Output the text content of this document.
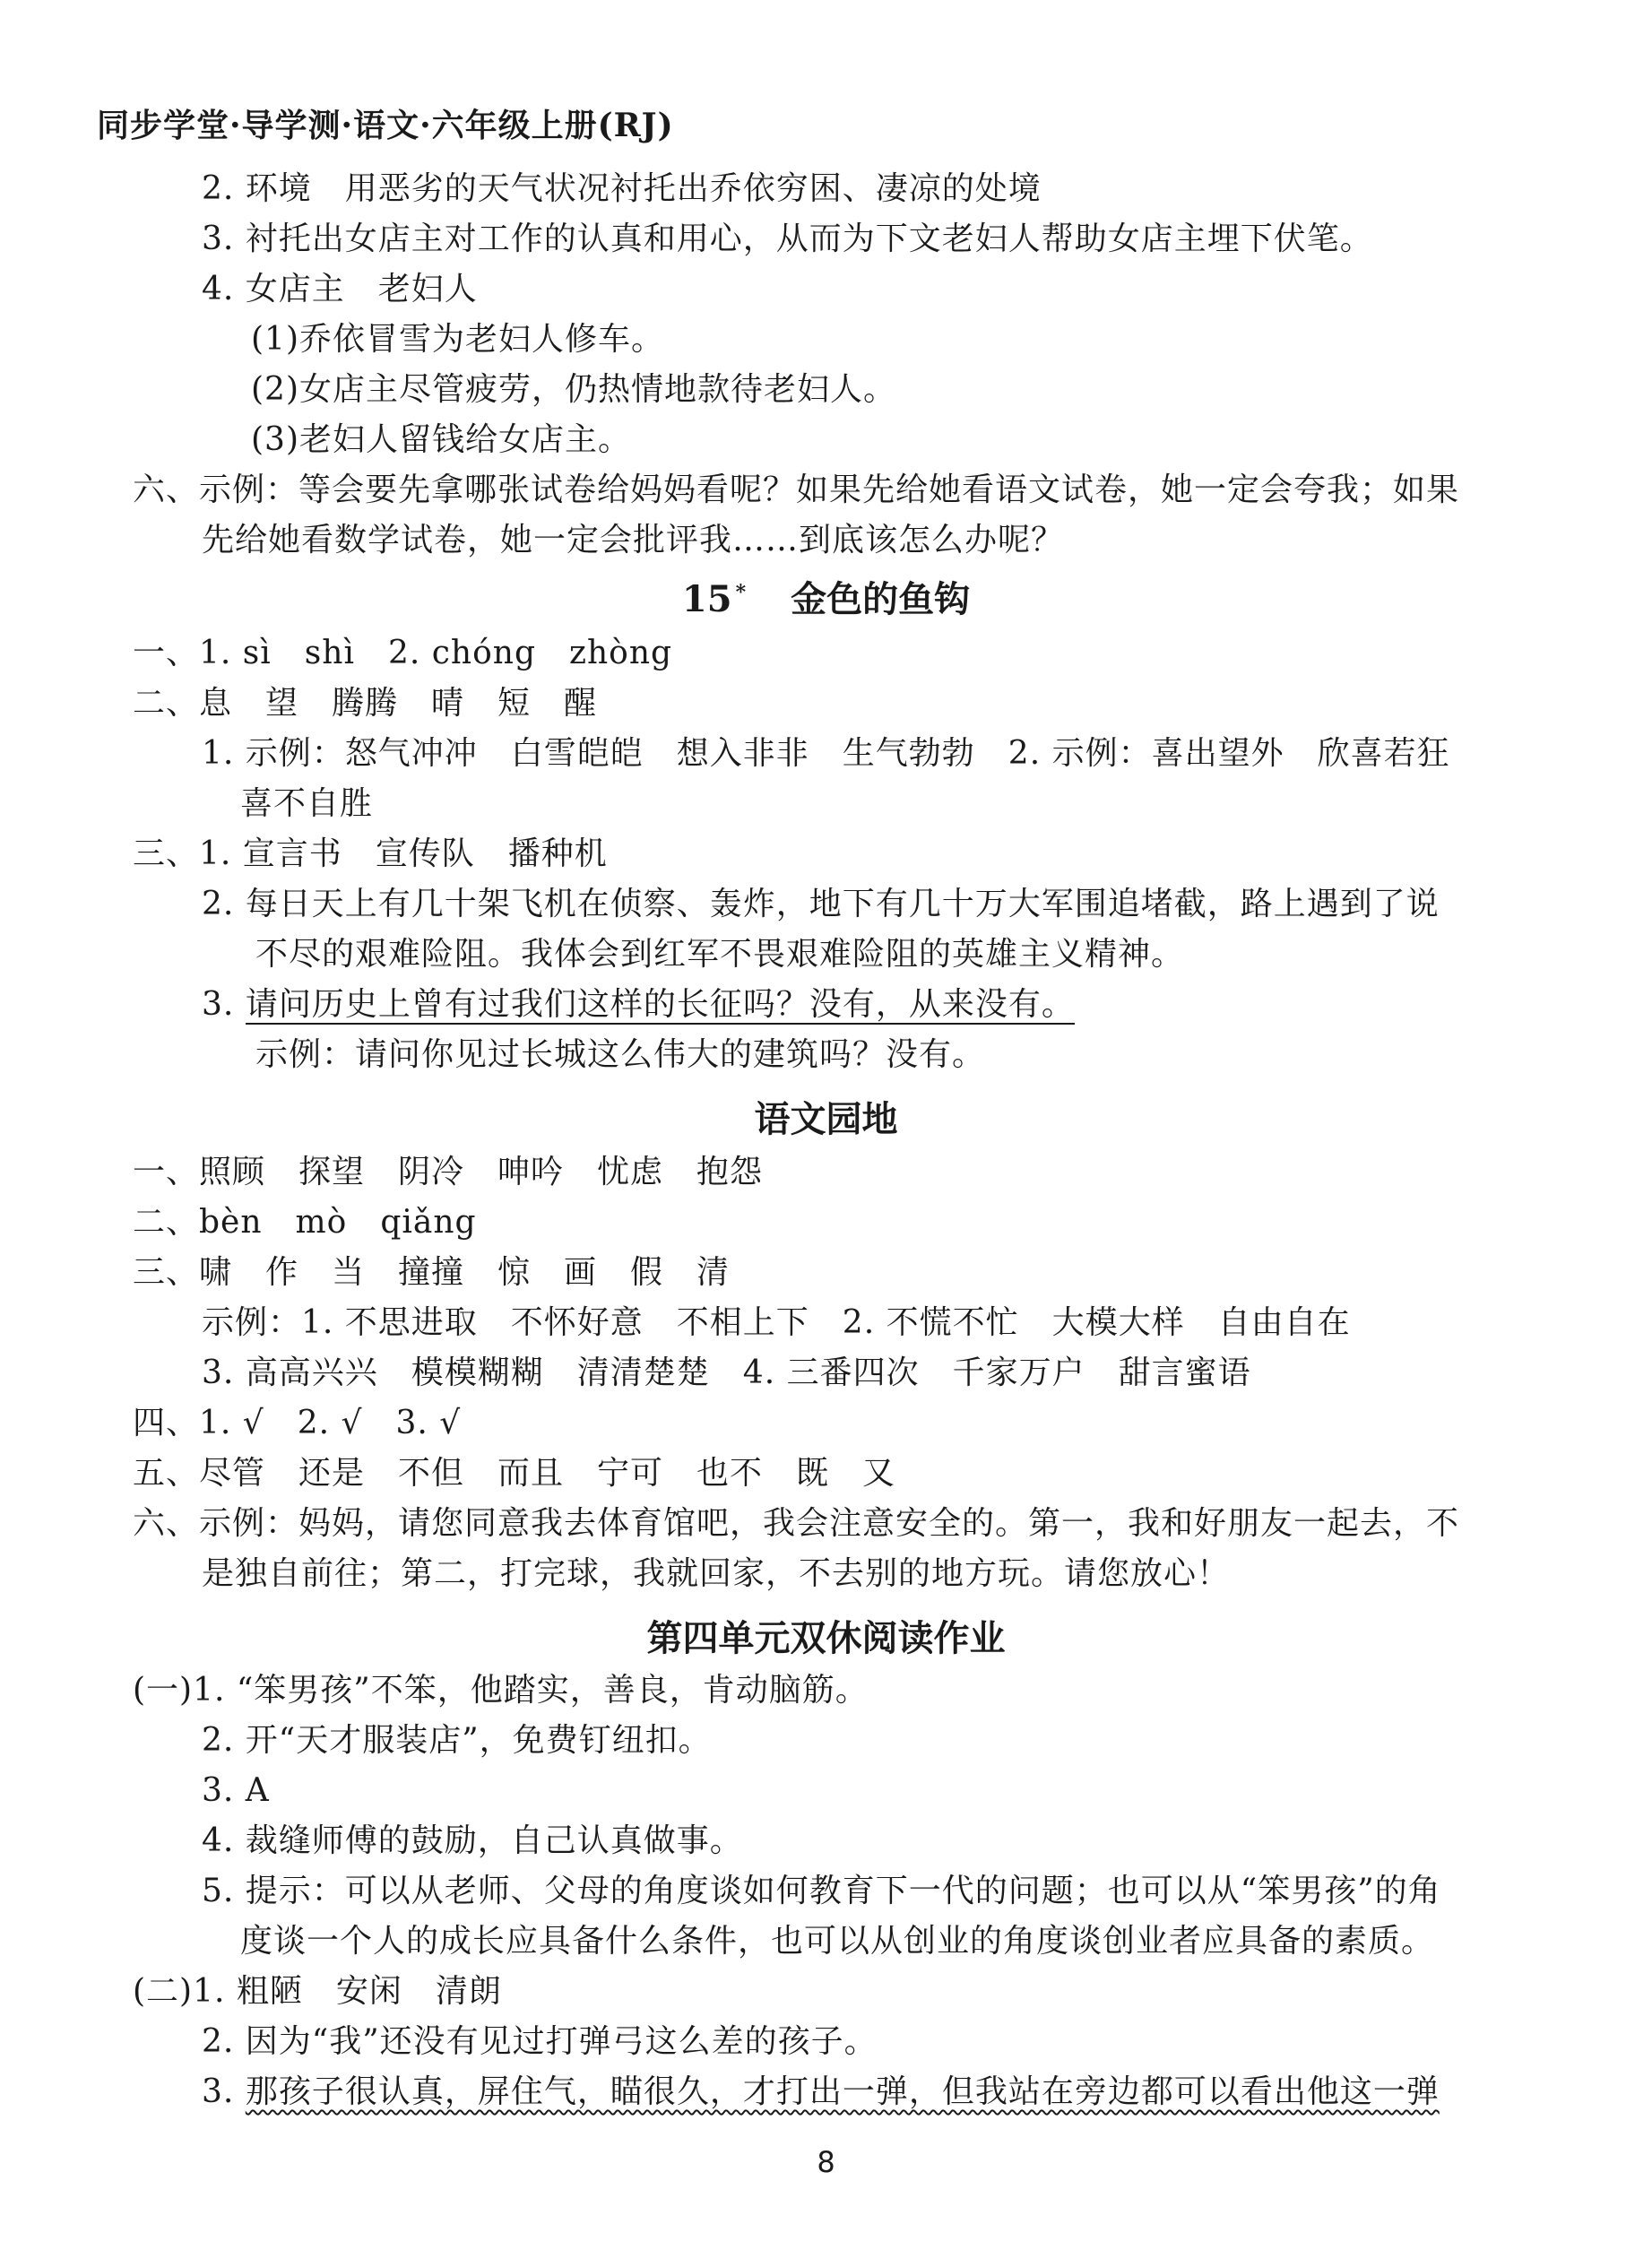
同步学堂·导学测·语文·六年级上册(RJ)
2. 环境　用恶劣的天气状况衬托出乔依穷困、凄凉的处境
3. 衬托出女店主对工作的认真和用心，从而为下文老妇人帮助女店主埋下伏笔。
4. 女店主　老妇人
(1)乔依冒雪为老妇人修车。
(2)女店主尽管疲劳，仍热情地款待老妇人。
(3)老妇人留钱给女店主。
六、示例：等会要先拿哪张试卷给妈妈看呢？如果先给她看语文试卷，她一定会夸我；如果
先给她看数学试卷，她一定会批评我……到底该怎么办呢？
15 * 金色的鱼钩
一、1. sì　shì　2. chóng　zhòng
二、息　望　腾腾　晴　短　醒
1. 示例：怒气冲冲　白雪皑皑　想入非非　生气勃勃　2. 示例：喜出望外　欣喜若狂
喜不自胜
三、1. 宣言书　宣传队　播种机
2. 每日天上有几十架飞机在侦察、轰炸，地下有几十万大军围追堵截，路上遇到了说
不尽的艰难险阻。我体会到红军不畏艰难险阻的英雄主义精神。
3. 请问历史上曾有过我们这样的长征吗？没有，从来没有。
示例：请问你见过长城这么伟大的建筑吗？没有。
语文园地
一、照顾　探望　阴冷　呻吟　忧虑　抱怨
二、bèn　mò　qiǎng
三、啸　作　当　撞撞　惊　画　假　清
示例：1. 不思进取　不怀好意　不相上下　2. 不慌不忙　大模大样　自由自在
3. 高高兴兴　模模糊糊　清清楚楚　4. 三番四次　千家万户　甜言蜜语
四、1. √　2. √　3. √
五、尽管　还是　不但　而且　宁可　也不　既　又
六、示例：妈妈，请您同意我去体育馆吧，我会注意安全的。第一，我和好朋友一起去，不
是独自前往；第二，打完球，我就回家，不去别的地方玩。请您放心！
第四单元双休阅读作业
(一)1. “笨男孩”不笨，他踏实，善良，肯动脑筋。
2. 开“天才服装店”，免费钉纽扣。
3. A
4. 裁缝师傅的鼓励，自己认真做事。
5. 提示：可以从老师、父母的角度谈如何教育下一代的问题；也可以从“笨男孩”的角
度谈一个人的成长应具备什么条件，也可以从创业的角度谈创业者应具备的素质。
(二)1. 粗陋　安闲　清朗
2. 因为“我”还没有见过打弹弓这么差的孩子。
3. 那孩子很认真，屏住气，瞄很久，才打出一弹，但我站在旁边都可以看出他这一弹
8
